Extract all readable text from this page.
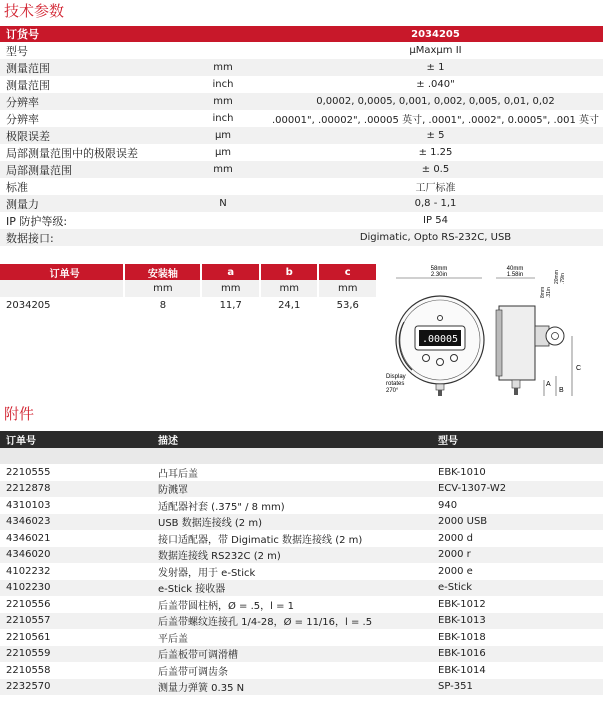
技术参数
订货号		2034205
型号		µMaxµm II
测量范围	mm	± 1
测量范围	inch	± .040"
分辨率	mm	0,0002, 0,0005, 0,001, 0,002, 0,005, 0,01, 0,02
分辨率	inch	.00001", .00002", .00005 英寸, .0001", .0002", 0.0005", .001 英寸
极限误差	µm	± 5
局部测量范围中的极限误差	µm	± 1.25
局部测量范围	mm	± 0.5
标准		工厂标准
测量力	N	0,8 - 1,1
IP 防护等级:		IP 54
数据接口:		Digimatic, Opto RS-232C, USB
订单号	安装轴	a	b	c
	mm	mm	mm	mm
2034205	8	11,7	24,1	53,6
58mm
2.30in
.00005
Display
rotates
270°
40mm
1.58in
8mm .31in
20mm .79in
C
B
A
附件
订单号	描述	型号

2210555	凸耳后盖	EBK-1010
2212878	防溅罩	ECV-1307-W2
4310103	适配器衬套 (.375" / 8 mm)	940
4346023	USB 数据连接线 (2 m)	2000 USB
4346021	接口适配器，带 Digimatic 数据连接线 (2 m)	2000 d
4346020	数据连接线 RS232C (2 m)	2000 r
4102232	发射器，用于 e-Stick	2000 e
4102230	e-Stick 接收器	e-Stick
2210556	后盖带圆柱柄，Ø = .5，l = 1	EBK-1012
2210557	后盖带螺纹连接孔 1/4-28，Ø = 11/16，l = .5	EBK-1013
2210561	平后盖	EBK-1018
2210559	后盖板带可调滑槽	EBK-1016
2210558	后盖带可调齿条	EBK-1014
2232570	测量力弹簧 0.35 N	SP-351
